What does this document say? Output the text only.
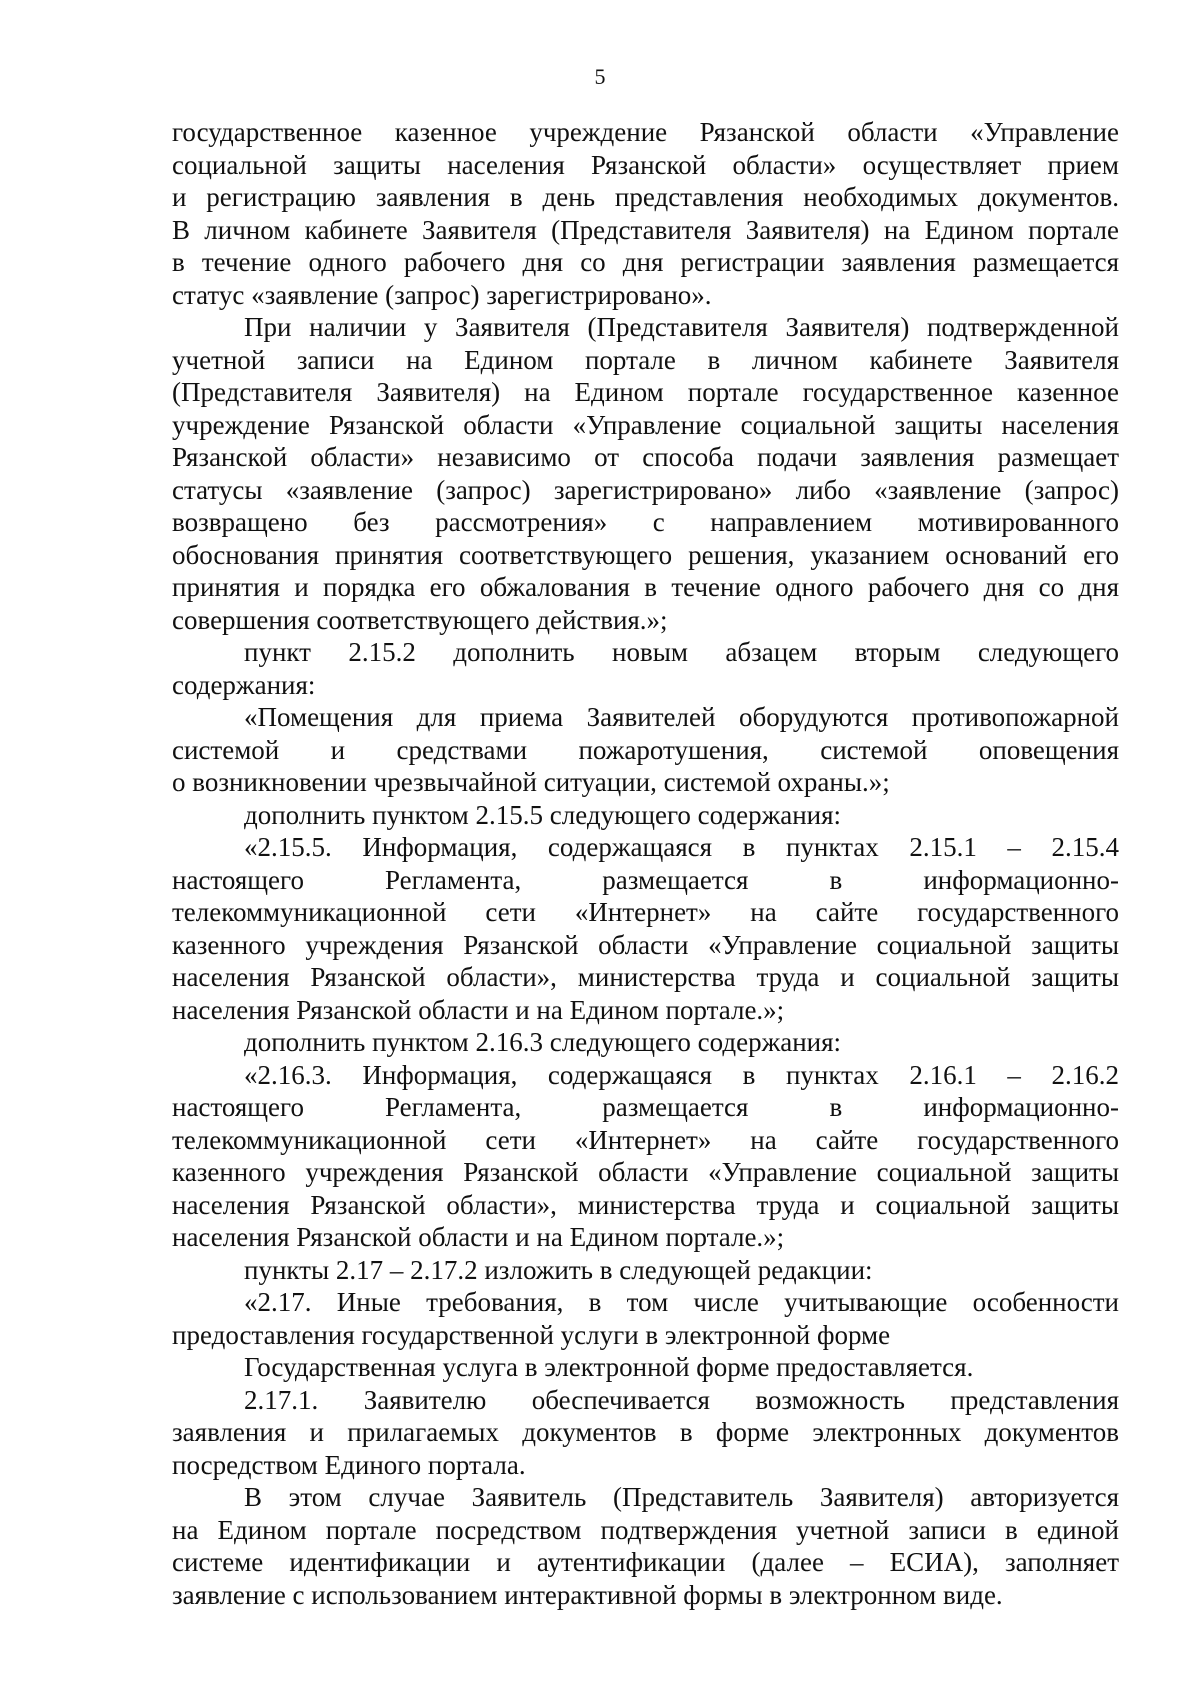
5
государственное казенное учреждение Рязанской области «Управление
социальной защиты населения Рязанской области» осуществляет прием
и регистрацию заявления в день представления необходимых документов.
В личном кабинете Заявителя (Представителя Заявителя) на Едином портале
в течение одного рабочего дня со дня регистрации заявления размещается
статус «заявление (запрос) зарегистрировано».
При наличии у Заявителя (Представителя Заявителя) подтвержденной
учетной записи на Едином портале в личном кабинете Заявителя
(Представителя Заявителя) на Едином портале государственное казенное
учреждение Рязанской области «Управление социальной защиты населения
Рязанской области» независимо от способа подачи заявления размещает
статусы «заявление (запрос) зарегистрировано» либо «заявление (запрос)
возвращено без рассмотрения» с направлением мотивированного
обоснования принятия соответствующего решения, указанием оснований его
принятия и порядка его обжалования в течение одного рабочего дня со дня
совершения соответствующего действия.»;
пункт 2.15.2 дополнить новым абзацем вторым следующего
содержания:
«Помещения для приема Заявителей оборудуются противопожарной
системой и средствами пожаротушения, системой оповещения
о возникновении чрезвычайной ситуации, системой охраны.»;
дополнить пунктом 2.15.5 следующего содержания:
«2.15.5. Информация, содержащаяся в пунктах 2.15.1 – 2.15.4
настоящего Регламента, размещается в информационно-
телекоммуникационной сети «Интернет» на сайте государственного
казенного учреждения Рязанской области «Управление социальной защиты
населения Рязанской области», министерства труда и социальной защиты
населения Рязанской области и на Едином портале.»;
дополнить пунктом 2.16.3 следующего содержания:
«2.16.3. Информация, содержащаяся в пунктах 2.16.1 – 2.16.2
настоящего Регламента, размещается в информационно-
телекоммуникационной сети «Интернет» на сайте государственного
казенного учреждения Рязанской области «Управление социальной защиты
населения Рязанской области», министерства труда и социальной защиты
населения Рязанской области и на Едином портале.»;
пункты 2.17 – 2.17.2 изложить в следующей редакции:
«2.17. Иные требования, в том числе учитывающие особенности
предоставления государственной услуги в электронной форме
Государственная услуга в электронной форме предоставляется.
2.17.1. Заявителю обеспечивается возможность представления
заявления и прилагаемых документов в форме электронных документов
посредством Единого портала.
В этом случае Заявитель (Представитель Заявителя) авторизуется
на Едином портале посредством подтверждения учетной записи в единой
системе идентификации и аутентификации (далее – ЕСИА), заполняет
заявление с использованием интерактивной формы в электронном виде.
